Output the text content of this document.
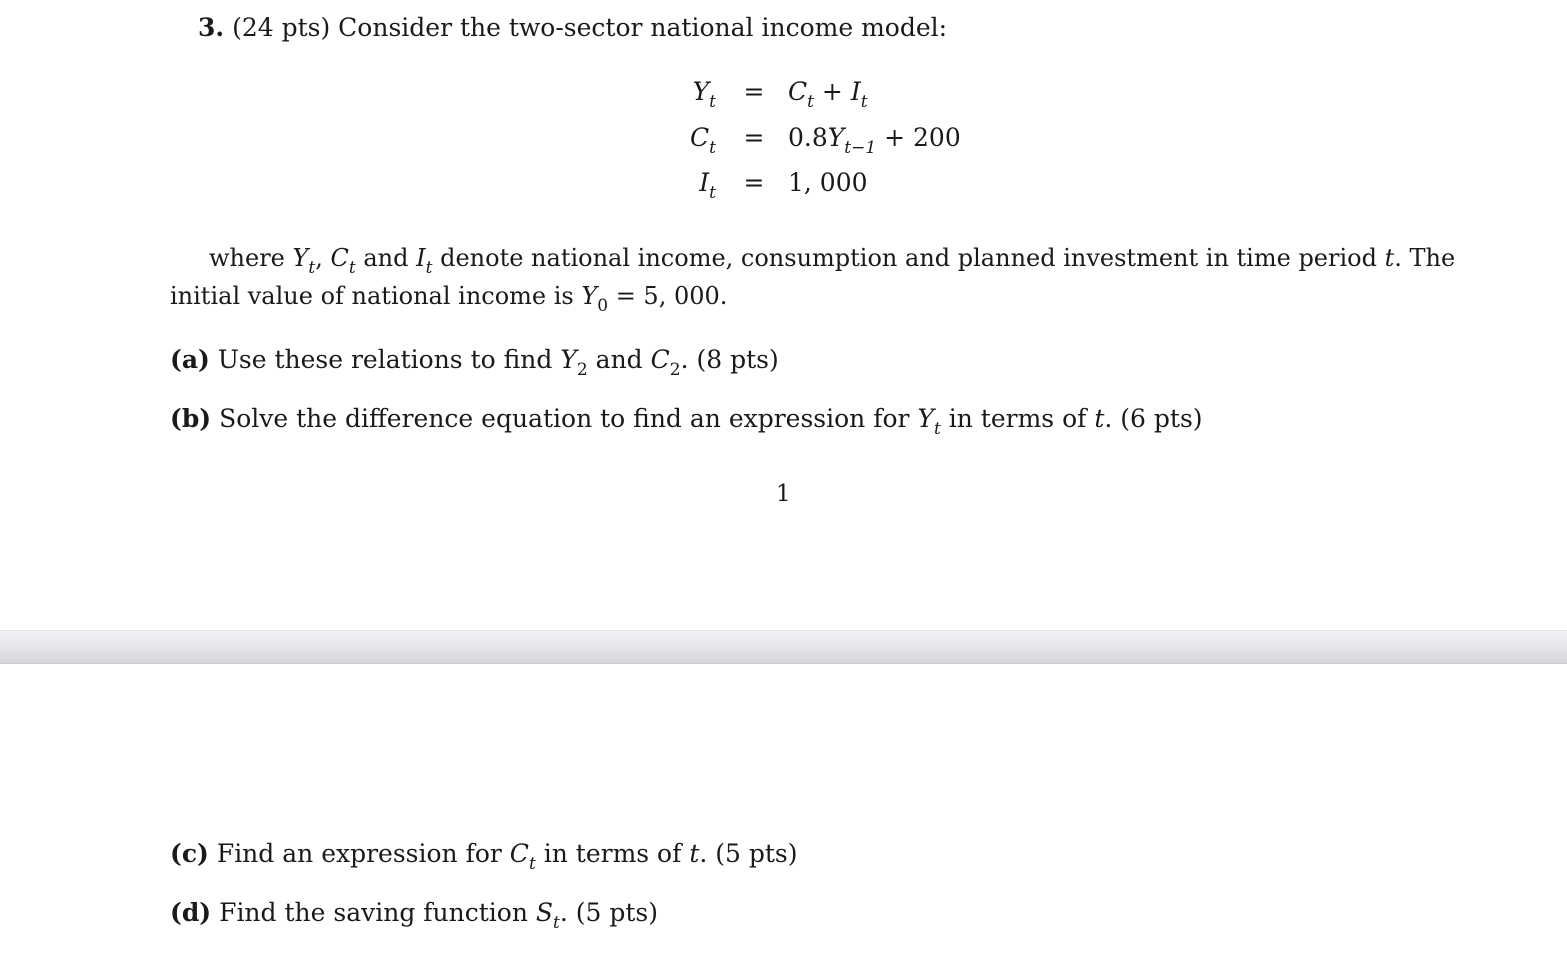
3. (24 pts) Consider the two-sector national income model:
$Y_t = C_t + I_t$
$C_t = 0.8Y_{t-1} + 200$
$I_t = 1$, 000
where $Y_t$, $C_t$ and $I_t$ denote national income, consumption and planned investment in time period t. The
initial value of national income is $Y_0 = 5$, 000.
(a) Use these relations to find $Y_2$ and $C_2$. (8 pts)
(b) Solve the difference equation to find an expression for $Y_t$ in terms of t. (6 pts)
1
(c) Find an expression for $C_t$ in terms of t. (5 pts)
(d) Find the saving function $S_t$. (5 pts)
